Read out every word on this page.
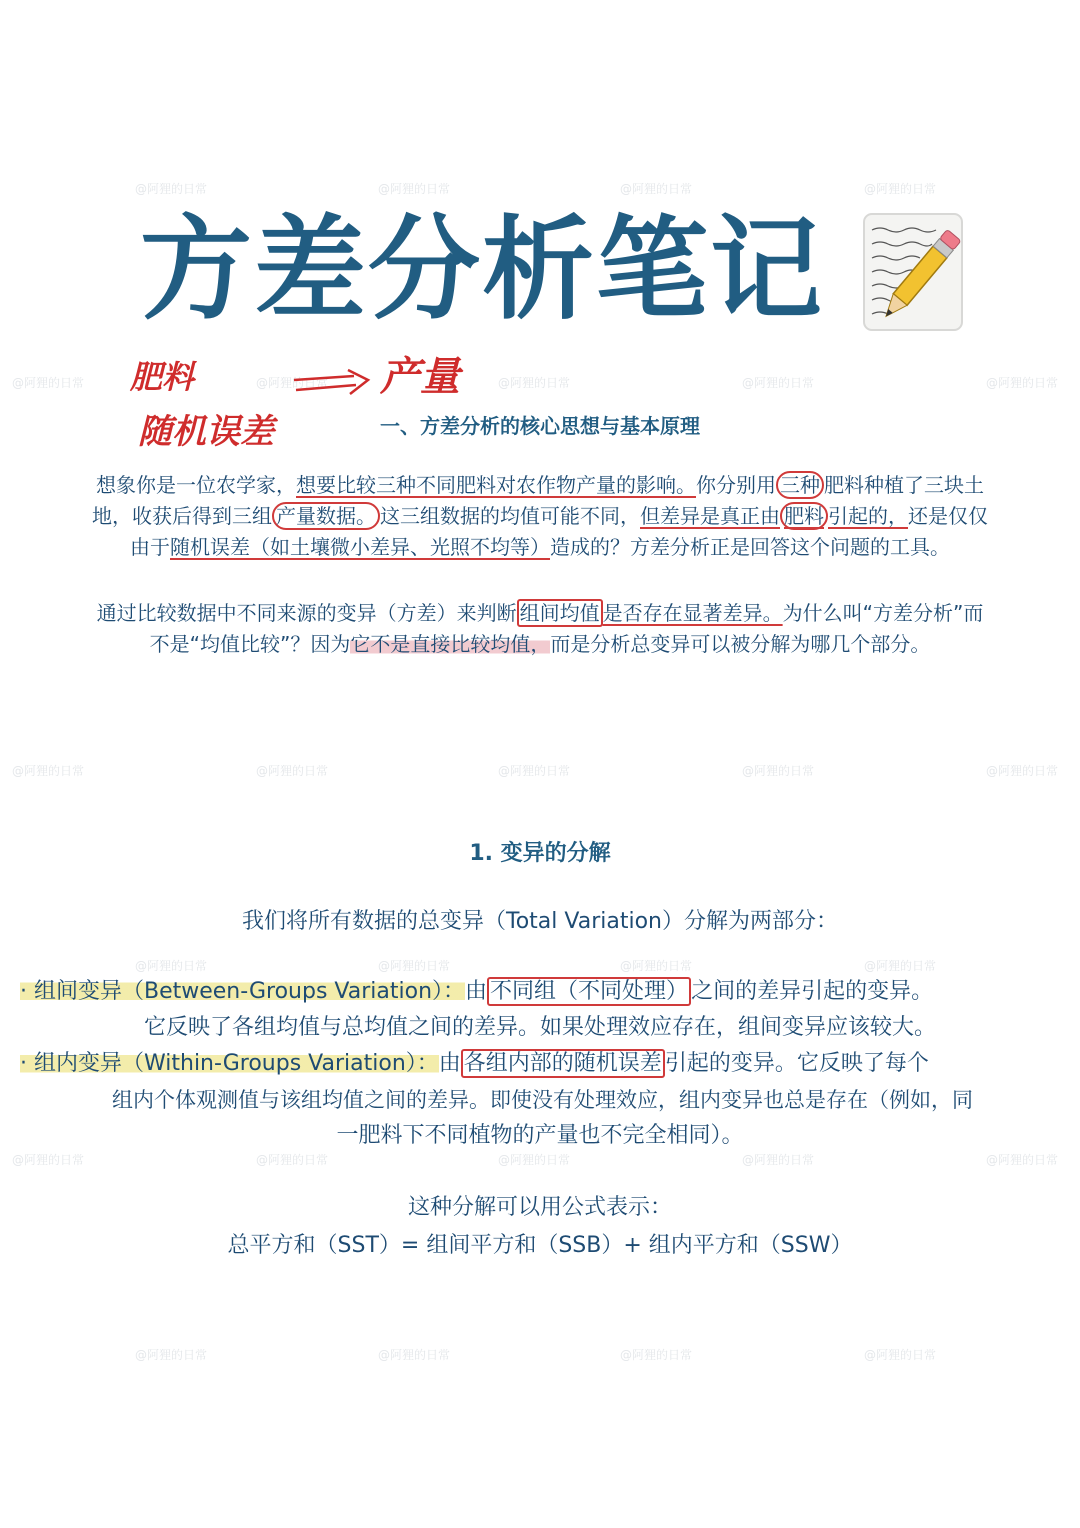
@阿狸的日常	@阿狸的日常	@阿狸的日常	@阿狸的日常
@阿狸的日常	@阿狸的日常	@阿狸的日常	@阿狸的日常	@阿狸的日常
@阿狸的日常	@阿狸的日常	@阿狸的日常	@阿狸的日常	@阿狸的日常
@阿狸的日常	@阿狸的日常	@阿狸的日常	@阿狸的日常
@阿狸的日常	@阿狸的日常	@阿狸的日常	@阿狸的日常	@阿狸的日常
@阿狸的日常	@阿狸的日常	@阿狸的日常	@阿狸的日常
方差分析笔记
肥料
随机误差
产量
一、方差分析的核心思想与基本原理
想象你是一位农学家，想要比较三种不同肥料对农作物产量的影响。你分别用 三种 肥料种植了三块土
地，收获后得到三组 产量数据。 这三组数据的均值可能不同，但差异是真正由 肥料 引起的，还是仅仅
由于随机误差（如土壤微小差异、光照不均等）造成的？方差分析正是回答这个问题的工具。
通过比较数据中不同来源的变异（方差）来判断 组间均值 是否存在显著差异。为什么叫“方差分析”而
不是“均值比较”？因为它不是直接比较均值，而是分析总变异可以被分解为哪几个部分。
1. 变异的分解
我们将所有数据的总变异（Total Variation）分解为两部分：
· 组间变异（Between-Groups Variation）：由 不同组（不同处理） 之间的差异引起的变异。
它反映了各组均值与总均值之间的差异。如果处理效应存在，组间变异应该较大。
· 组内变异（Within-Groups Variation）：由 各组内部的随机误差 引起的变异。它反映了每个
组内个体观测值与该组均值之间的差异。即使没有处理效应，组内变异也总是存在（例如，同
一肥料下不同植物的产量也不完全相同）。
这种分解可以用公式表示：
总平方和（SST）= 组间平方和（SSB）+ 组内平方和（SSW）
